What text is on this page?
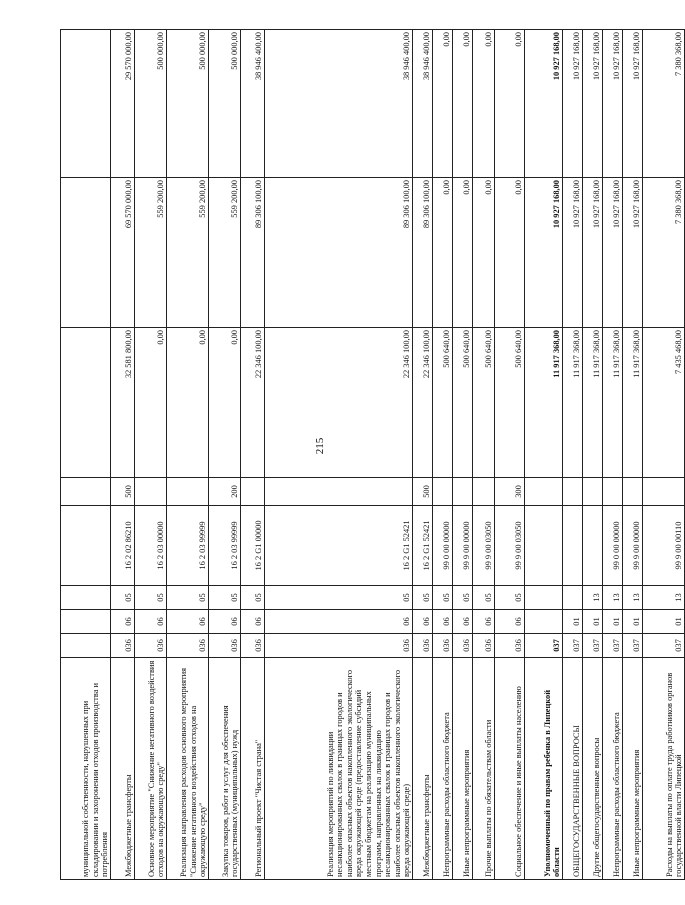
215
муниципальной собственности, нарушенных при складировании и захоронении отходов производства и потребления								
Межбюджетные трансферты	036	06	05	16 2 02 86210	500	32 581 800,00	69 570 000,00	29 570 000,00
Основное мероприятие "Снижение негативного воздействия отходов на окружающую среду"	036	06	05	16 2 03 00000		0,00	559 200,00	500 000,00
Реализация направления расходов основного мероприятия "Снижение негативного воздействия отходов на окружающую среду"	036	06	05	16 2 03 99999		0,00	559 200,00	500 000,00
Закупка товаров, работ и услуг для обеспечения государственных (муниципальных) нужд	036	06	05	16 2 03 99999	200	0,00	559 200,00	500 000,00
Региональный проект "Чистая страна"	036	06	05	16 2 G1 00000		22 346 100,00	89 306 100,00	38 946 400,00
Реализация мероприятий по ликвидации несанкционированных свалок в границах городов и наиболее опасных объектов накопленного экологического вреда окружающей среде (предоставление субсидий местным бюджетам на реализацию муниципальных программ, направленных на ликвидацию несанкционированных свалок в границах городов и наиболее опасных объектов накопленного экологического вреда окружающей среде)	036	06	05	16 2 G1 52421		22 346 100,00	89 306 100,00	38 946 400,00
Межбюджетные трансферты	036	06	05	16 2 G1 52421	500	22 346 100,00	89 306 100,00	38 946 400,00
Непрограммные расходы областного бюджета	036	06	05	99 0 00 00000		500 640,00	0,00	0,00
Иные непрограммные мероприятия	036	06	05	99 9 00 00000		500 640,00	0,00	0,00
Прочие выплаты по обязательствам области	036	06	05	99 9 00 03050		500 640,00	0,00	0,00
Социальное обеспечение и иные выплаты населению	036	06	05	99 9 00 03050	300	500 640,00	0,00	0,00
Уполномоченный по правам ребенка в Липецкой области	037					11 917 368,00	10 927 168,00	10 927 168,00
ОБЩЕГОСУДАРСТВЕННЫЕ ВОПРОСЫ	037	01				11 917 368,00	10 927 168,00	10 927 168,00
Другие общегосударственные вопросы	037	01	13			11 917 368,00	10 927 168,00	10 927 168,00
Непрограммные расходы областного бюджета	037	01	13	99 0 00 00000		11 917 368,00	10 927 168,00	10 927 168,00
Иные непрограммные мероприятия	037	01	13	99 9 00 00000		11 917 368,00	10 927 168,00	10 927 168,00
Расходы на выплаты по оплате труда работников органов государственной власти Липецкой	037	01	13	99 9 00 00110		7 435 468,00	7 380 368,00	7 380 368,00
